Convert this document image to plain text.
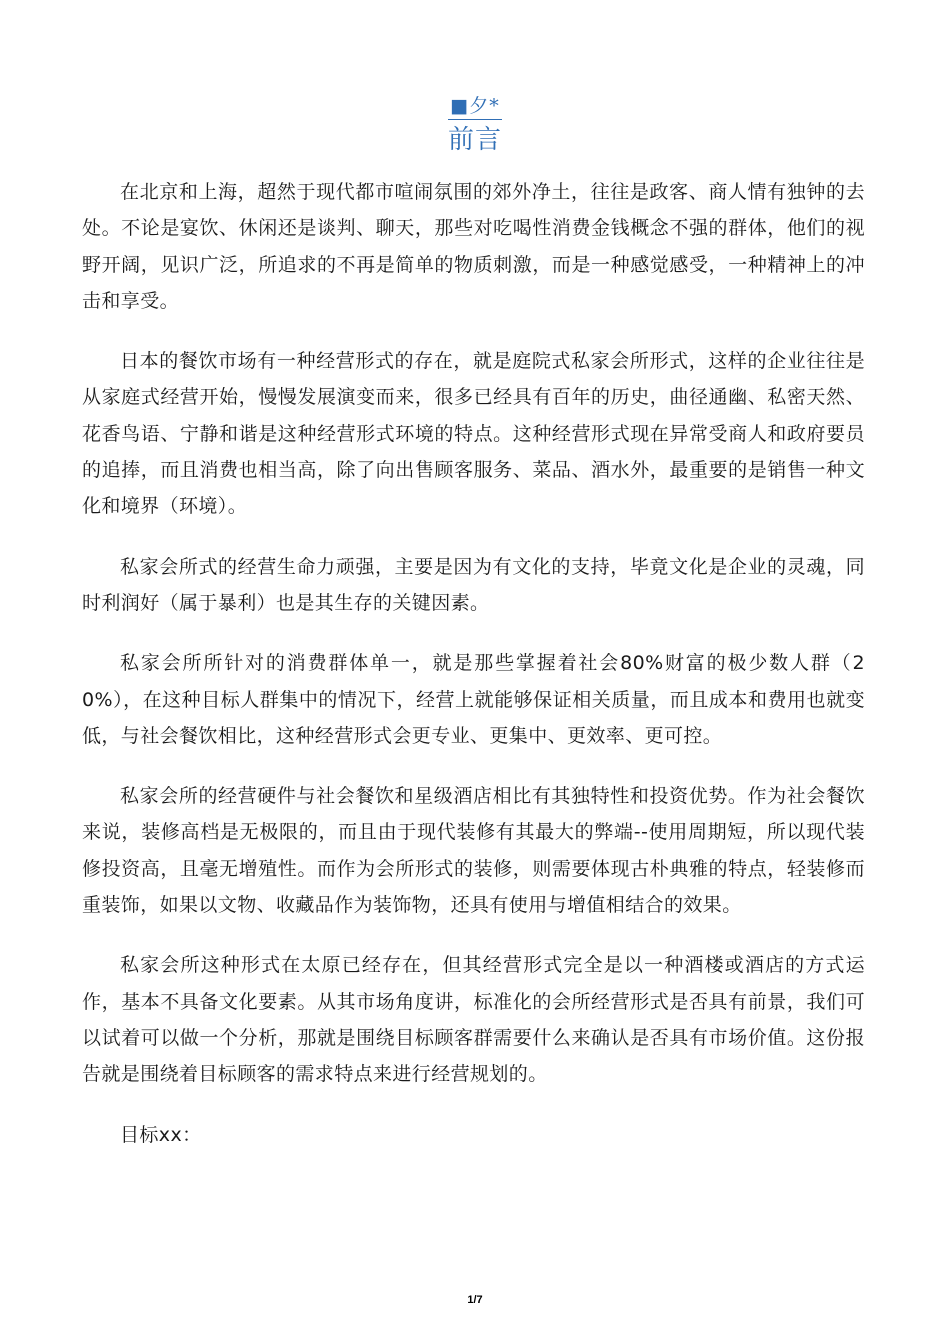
■夕*
前言

在北京和上海，超然于现代都市喧闹氛围的郊外净土，往往是政客、商人情有独钟的去处。不论是宴饮、休闲还是谈判、聊天，那些对吃喝性消费金钱概念不强的群体，他们的视野开阔，见识广泛，所追求的不再是简单的物质刺激，而是一种感觉感受，一种精神上的冲击和享受。

日本的餐饮市场有一种经营形式的存在，就是庭院式私家会所形式，这样的企业往往是从家庭式经营开始，慢慢发展演变而来，很多已经具有百年的历史，曲径通幽、私密天然、花香鸟语、宁静和谐是这种经营形式环境的特点。这种经营形式现在异常受商人和政府要员的追捧，而且消费也相当高，除了向出售顾客服务、菜品、酒水外，最重要的是销售一种文化和境界（环境）。

私家会所式的经营生命力顽强，主要是因为有文化的支持，毕竟文化是企业的灵魂，同时利润好（属于暴利）也是其生存的关键因素。

私家会所所针对的消费群体单一，就是那些掌握着社会80%财富的极少数人群（20%），在这种目标人群集中的情况下，经营上就能够保证相关质量，而且成本和费用也就变低，与社会餐饮相比，这种经营形式会更专业、更集中、更效率、更可控。

私家会所的经营硬件与社会餐饮和星级酒店相比有其独特性和投资优势。作为社会餐饮来说，装修高档是无极限的，而且由于现代装修有其最大的弊端--使用周期短，所以现代装修投资高，且毫无增殖性。而作为会所形式的装修，则需要体现古朴典雅的特点，轻装修而重装饰，如果以文物、收藏品作为装饰物，还具有使用与增值相结合的效果。

私家会所这种形式在太原已经存在，但其经营形式完全是以一种酒楼或酒店的方式运作，基本不具备文化要素。从其市场角度讲，标准化的会所经营形式是否具有前景，我们可以试着可以做一个分析，那就是围绕目标顾客群需要什么来确认是否具有市场价值。这份报告就是围绕着目标顾客的需求特点来进行经营规划的。

目标xx：

1/7
